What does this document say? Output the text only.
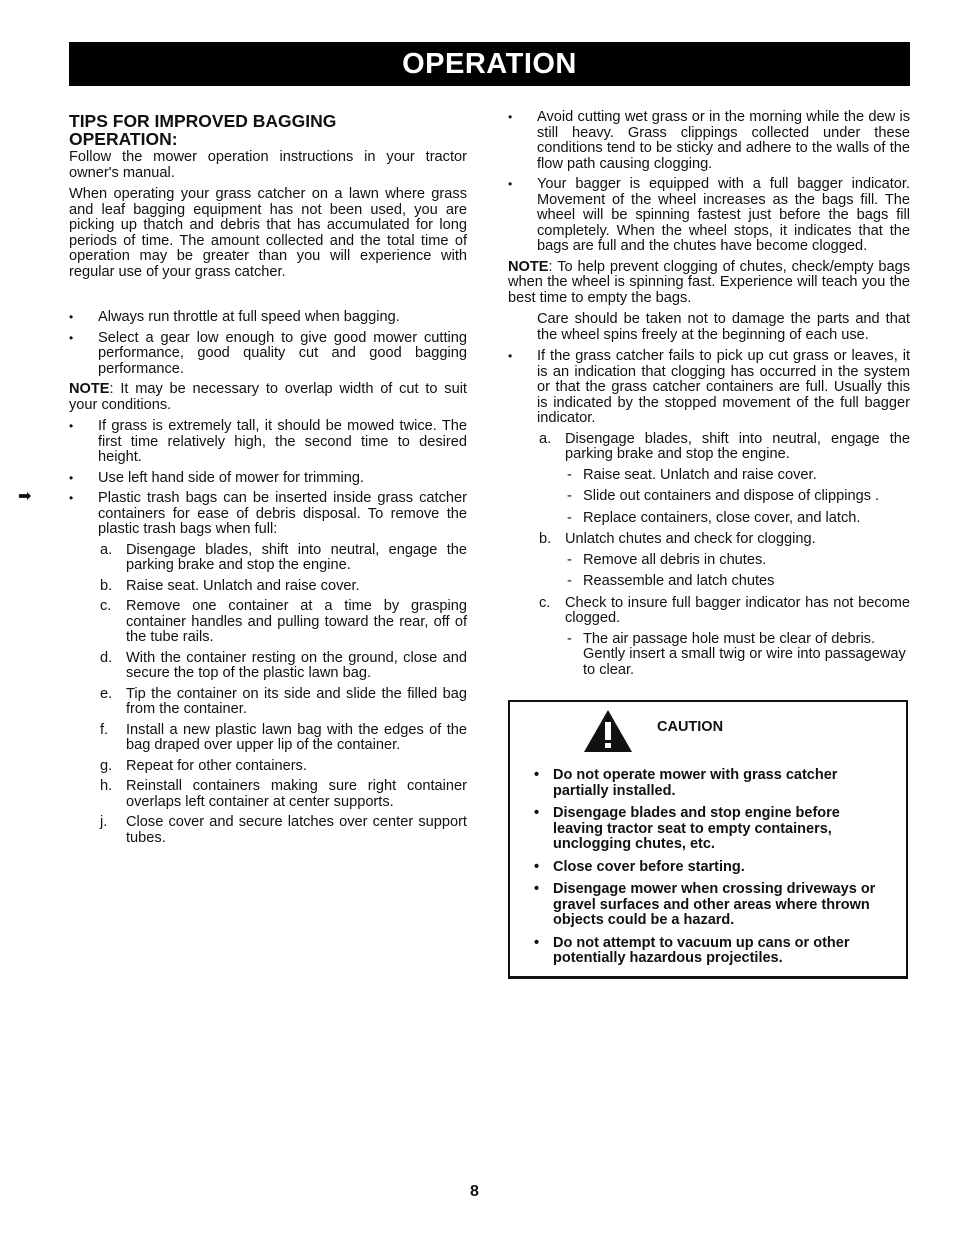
OPERATION
➡
TIPS FOR IMPROVED BAGGING
OPERATION:

Follow the mower operation instructions in your tractor owner's manual.

When operating your grass catcher on a lawn where grass and leaf bagging equipment has not been used, you are picking up thatch and debris that has accumulated for long periods of time. The amount collected and the total time of operation may be greater than you will experience with regular use of your grass catcher.

• Always run throttle at full speed when bagging.
• Select a gear low enough to give good mower cutting performance, good quality cut and good bagging performance.

NOTE: It may be necessary to overlap width of cut to suit your conditions.

• If grass is extremely tall, it should be mowed twice. The first time relatively high, the second time to desired height.
• Use left hand side of mower for trimming.
• Plastic trash bags can be inserted inside grass catcher containers for ease of debris disposal. To remove the plastic trash bags when full:
a. Disengage blades, shift into neutral, engage the parking brake and stop the engine.
b. Raise seat. Unlatch and raise cover.
c. Remove one container at a time by grasping container handles and pulling toward the rear, off of the tube rails.
d. With the container resting on the ground, close and secure the top of the plastic lawn bag.
e. Tip the container on its side and slide the filled bag from the container.
f. Install a new plastic lawn bag with the edges of the bag draped over upper lip of the container.
g. Repeat for other containers.
h. Reinstall containers making sure right container overlaps left container at center supports.
j. Close cover and secure latches over center support tubes.
• Avoid cutting wet grass or in the morning while the dew is still heavy. Grass clippings collected under these conditions tend to be sticky and adhere to the walls of the flow path causing clogging.
• Your bagger is equipped with a full bagger indicator. Movement of the wheel increases as the bags fill. The wheel will be spinning fastest just before the bags fill completely. When the wheel stops, it indicates that the bags are full and the chutes have become clogged.

NOTE: To help prevent clogging of chutes, check/empty bags when the wheel is spinning fast. Experience will teach you the best time to empty the bags.

Care should be taken not to damage the parts and that the wheel spins freely at the beginning of each use.

• If the grass catcher fails to pick up cut grass or leaves, it is an indication that clogging has occurred in the system or that the grass catcher containers are full. Usually this is indicated by the stopped movement of the full bagger indicator.
a. Disengage blades, shift into neutral, engage the parking brake and stop the engine.
- Raise seat. Unlatch and raise cover.
- Slide out containers and dispose of clippings .
- Replace containers, close cover, and latch.
b. Unlatch chutes and check for clogging.
- Remove all debris in chutes.
- Reassemble and latch chutes
c. Check to insure full bagger indicator has not become clogged.
- The air passage hole must be clear of debris. Gently insert a small twig or wire into passageway to clear.
CAUTION
• Do not operate mower with grass catcher partially installed.
• Disengage blades and stop engine before leaving tractor seat to empty containers, unclogging chutes, etc.
• Close cover before starting.
• Disengage mower when crossing driveways or gravel surfaces and other areas where thrown objects could be a hazard.
• Do not attempt to vacuum up cans or other potentially hazardous projectiles.
8
